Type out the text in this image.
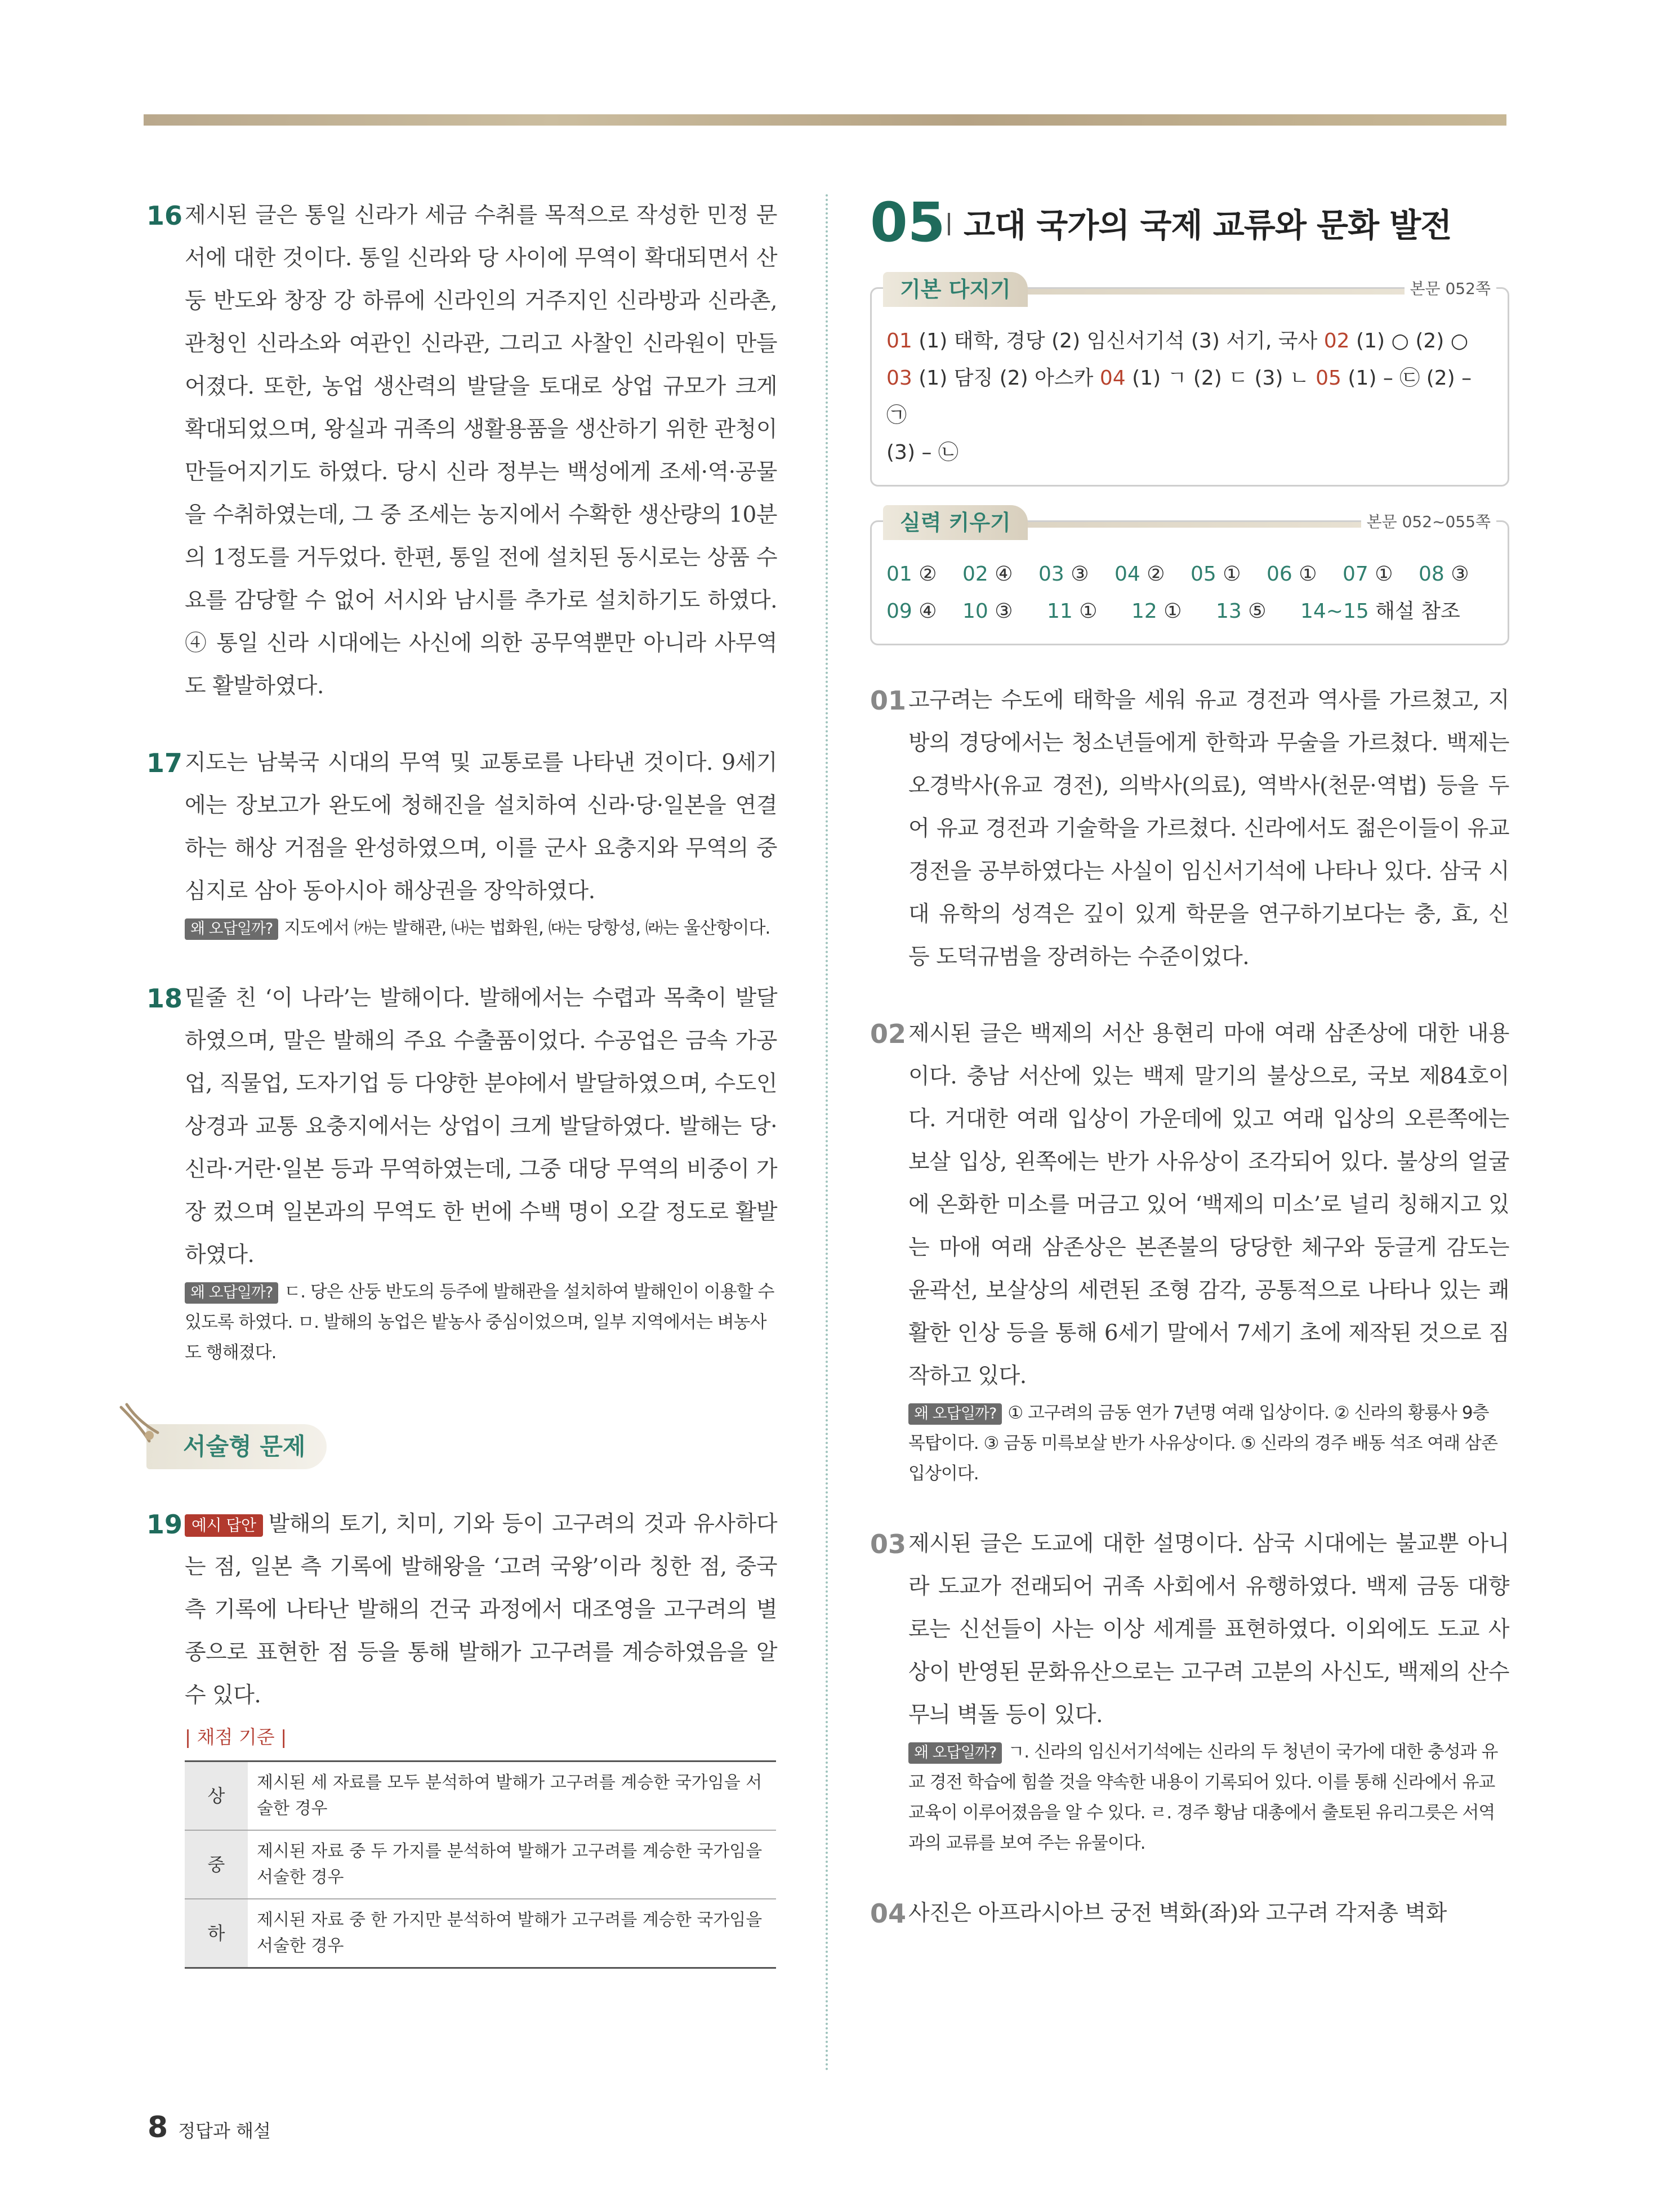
16 제시된 글은 통일 신라가 세금 수취를 목적으로 작성한 민정 문서에 대한 것이다. 통일 신라와 당 사이에 무역이 확대되면서 산둥 반도와 창장 강 하류에 신라인의 거주지인 신라방과 신라촌, 관청인 신라소와 여관인 신라관, 그리고 사찰인 신라원이 만들어졌다. 또한, 농업 생산력의 발달을 토대로 상업 규모가 크게 확대되었으며, 왕실과 귀족의 생활용품을 생산하기 위한 관청이 만들어지기도 하였다. 당시 신라 정부는 백성에게 조세·역·공물을 수취하였는데, 그 중 조세는 농지에서 수확한 생산량의 10분의 1정도를 거두었다. 한편, 통일 전에 설치된 동시로는 상품 수요를 감당할 수 없어 서시와 남시를 추가로 설치하기도 하였다. ④ 통일 신라 시대에는 사신에 의한 공무역뿐만 아니라 사무역도 활발하였다.
17 지도는 남북국 시대의 무역 및 교통로를 나타낸 것이다. 9세기에는 장보고가 완도에 청해진을 설치하여 신라·당·일본을 연결하는 해상 거점을 완성하였으며, 이를 군사 요충지와 무역의 중심지로 삼아 동아시아 해상권을 장악하였다.
왜 오답일까? 지도에서 ㈎는 발해관, ㈏는 법화원, ㈐는 당항성, ㈑는 울산항이다.
18 밑줄 친 ‘이 나라’는 발해이다. 발해에서는 수렵과 목축이 발달하였으며, 말은 발해의 주요 수출품이었다. 수공업은 금속 가공업, 직물업, 도자기업 등 다양한 분야에서 발달하였으며, 수도인 상경과 교통 요충지에서는 상업이 크게 발달하였다. 발해는 당·신라·거란·일본 등과 무역하였는데, 그중 대당 무역의 비중이 가장 컸으며 일본과의 무역도 한 번에 수백 명이 오갈 정도로 활발하였다.
왜 오답일까? ㄷ. 당은 산둥 반도의 등주에 발해관을 설치하여 발해인이 이용할 수 있도록 하였다. ㅁ. 발해의 농업은 밭농사 중심이었으며, 일부 지역에서는 벼농사도 행해졌다.
서술형 문제
19 예시 답안 발해의 토기, 치미, 기와 등이 고구려의 것과 유사하다는 점, 일본 측 기록에 발해왕을 ‘고려 국왕’이라 칭한 점, 중국 측 기록에 나타난 발해의 건국 과정에서 대조영을 고구려의 별종으로 표현한 점 등을 통해 발해가 고구려를 계승하였음을 알 수 있다.
| 채점 기준 |
상	제시된 세 자료를 모두 분석하여 발해가 고구려를 계승한 국가임을 서술한 경우
중	제시된 자료 중 두 가지를 분석하여 발해가 고구려를 계승한 국가임을 서술한 경우
하	제시된 자료 중 한 가지만 분석하여 발해가 고구려를 계승한 국가임을 서술한 경우
05 고대 국가의 국제 교류와 문화 발전
기본 다지기	본문 052쪽
01 (1) 태학, 경당 (2) 임신서기석 (3) 서기, 국사 02 (1) ○ (2) ○
03 (1) 담징 (2) 아스카 04 (1) ㄱ (2) ㄷ (3) ㄴ 05 (1) – ㉢ (2) – ㉠
(3) – ㉡
실력 키우기	본문 052~055쪽
01 ②	02 ④	03 ③	04 ②	05 ①	06 ①	07 ①	08 ③
09 ④	10 ③	11 ①	12 ①	13 ⑤	14~15 해설 참조
01 고구려는 수도에 태학을 세워 유교 경전과 역사를 가르쳤고, 지방의 경당에서는 청소년들에게 한학과 무술을 가르쳤다. 백제는 오경박사(유교 경전), 의박사(의료), 역박사(천문·역법) 등을 두어 유교 경전과 기술학을 가르쳤다. 신라에서도 젊은이들이 유교 경전을 공부하였다는 사실이 임신서기석에 나타나 있다. 삼국 시대 유학의 성격은 깊이 있게 학문을 연구하기보다는 충, 효, 신 등 도덕규범을 장려하는 수준이었다.
02 제시된 글은 백제의 서산 용현리 마애 여래 삼존상에 대한 내용이다. 충남 서산에 있는 백제 말기의 불상으로, 국보 제84호이다. 거대한 여래 입상이 가운데에 있고 여래 입상의 오른쪽에는 보살 입상, 왼쪽에는 반가 사유상이 조각되어 있다. 불상의 얼굴에 온화한 미소를 머금고 있어 ‘백제의 미소’로 널리 칭해지고 있는 마애 여래 삼존상은 본존불의 당당한 체구와 둥글게 감도는 윤곽선, 보살상의 세련된 조형 감각, 공통적으로 나타나 있는 쾌활한 인상 등을 통해 6세기 말에서 7세기 초에 제작된 것으로 짐작하고 있다.
왜 오답일까? ① 고구려의 금동 연가 7년명 여래 입상이다. ② 신라의 황룡사 9층 목탑이다. ③ 금동 미륵보살 반가 사유상이다. ⑤ 신라의 경주 배동 석조 여래 삼존 입상이다.
03 제시된 글은 도교에 대한 설명이다. 삼국 시대에는 불교뿐 아니라 도교가 전래되어 귀족 사회에서 유행하였다. 백제 금동 대향로는 신선들이 사는 이상 세계를 표현하였다. 이외에도 도교 사상이 반영된 문화유산으로는 고구려 고분의 사신도, 백제의 산수무늬 벽돌 등이 있다.
왜 오답일까? ㄱ. 신라의 임신서기석에는 신라의 두 청년이 국가에 대한 충성과 유교 경전 학습에 힘쓸 것을 약속한 내용이 기록되어 있다. 이를 통해 신라에서 유교 교육이 이루어졌음을 알 수 있다. ㄹ. 경주 황남 대총에서 출토된 유리그릇은 서역과의 교류를 보여 주는 유물이다.
04 사진은 아프라시아브 궁전 벽화(좌)와 고구려 각저총 벽화
8 정답과 해설
